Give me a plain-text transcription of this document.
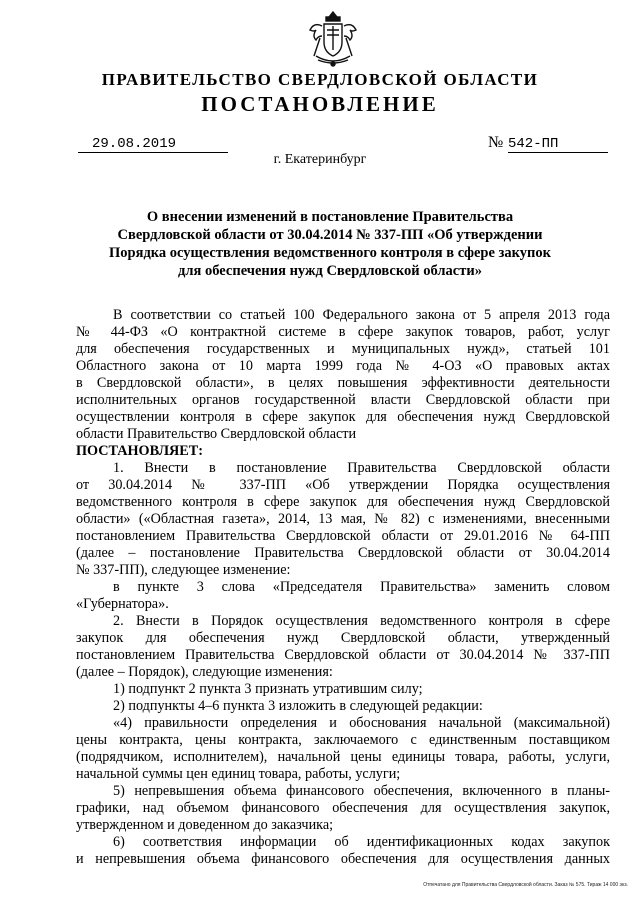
ПРАВИТЕЛЬСТВО СВЕРДЛОВСКОЙ ОБЛАСТИ
ПОСТАНОВЛЕНИЕ
29.08.2019	№ 542-ПП
г. Екатеринбург
О внесении изменений в постановление Правительства
Свердловской области от 30.04.2014 № 337-ПП «Об утверждении
Порядка осуществления ведомственного контроля в сфере закупок
для обеспечения нужд Свердловской области»
В соответствии со статьей 100 Федерального закона от 5 апреля 2013 года
№ 44-ФЗ «О контрактной системе в сфере закупок товаров, работ, услуг
для обеспечения государственных и муниципальных нужд», статьей 101
Областного закона от 10 марта 1999 года № 4-ОЗ «О правовых актах
в Свердловской области», в целях повышения эффективности деятельности
исполнительных органов государственной власти Свердловской области при
осуществлении контроля в сфере закупок для обеспечения нужд Свердловской
области Правительство Свердловской области
ПОСТАНОВЛЯЕТ:
1. Внести в постановление Правительства Свердловской области
от 30.04.2014 № 337-ПП «Об утверждении Порядка осуществления
ведомственного контроля в сфере закупок для обеспечения нужд Свердловской
области» («Областная газета», 2014, 13 мая, № 82) с изменениями, внесенными
постановлением Правительства Свердловской области от 29.01.2016 № 64-ПП
(далее – постановление Правительства Свердловской области от 30.04.2014
№ 337-ПП), следующее изменение:
в пункте 3 слова «Председателя Правительства» заменить словом
«Губернатора».
2. Внести в Порядок осуществления ведомственного контроля в сфере
закупок для обеспечения нужд Свердловской области, утвержденный
постановлением Правительства Свердловской области от 30.04.2014 № 337-ПП
(далее – Порядок), следующие изменения:
1) подпункт 2 пункта 3 признать утратившим силу;
2) подпункты 4–6 пункта 3 изложить в следующей редакции:
«4) правильности определения и обоснования начальной (максимальной)
цены контракта, цены контракта, заключаемого с единственным поставщиком
(подрядчиком, исполнителем), начальной цены единицы товара, работы, услуги,
начальной суммы цен единиц товара, работы, услуги;
5) непревышения объема финансового обеспечения, включенного в планы-
графики, над объемом финансового обеспечения для осуществления закупок,
утвержденном и доведенном до заказчика;
6) соответствия информации об идентификационных кодах закупок
и непревышения объема финансового обеспечения для осуществления данных
Отпечатано для Правительства Свердловской области. Заказ № 575. Тираж 14 000 экз.
